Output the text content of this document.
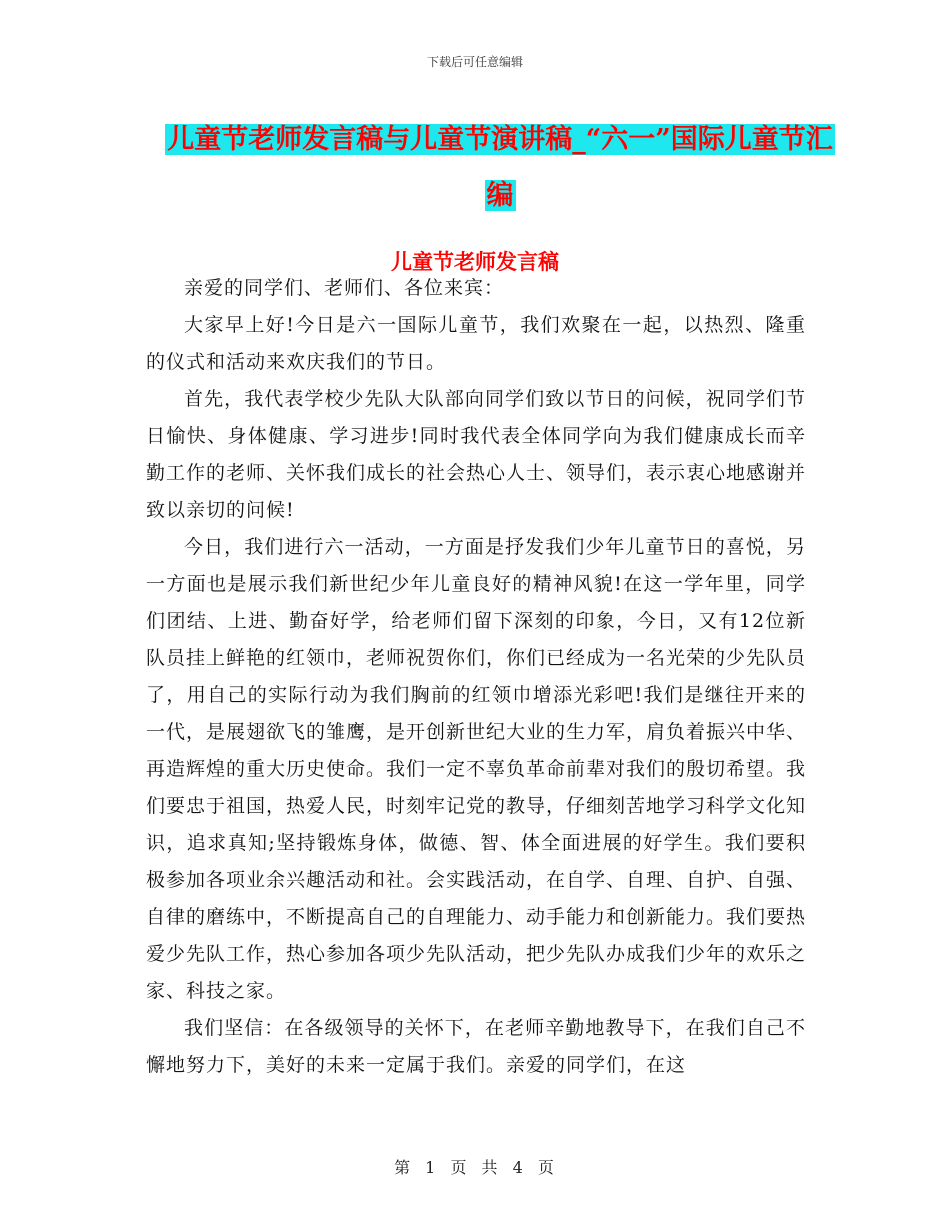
下载后可任意编辑
儿童节老师发言稿与儿童节演讲稿_“六一”国际儿童节汇编
儿童节老师发言稿

亲爱的同学们、老师们、各位来宾：

大家早上好!今日是六一国际儿童节，我们欢聚在一起，以热烈、隆重的仪式和活动来欢庆我们的节日。

首先，我代表学校少先队大队部向同学们致以节日的问候，祝同学们节日愉快、身体健康、学习进步!同时我代表全体同学向为我们健康成长而辛勤工作的老师、关怀我们成长的社会热心人士、领导们，表示衷心地感谢并致以亲切的问候!

今日，我们进行六一活动，一方面是抒发我们少年儿童节日的喜悦，另一方面也是展示我们新世纪少年儿童良好的精神风貌!在这一学年里，同学们团结、上进、勤奋好学，给老师们留下深刻的印象，今日，又有12位新队员挂上鲜艳的红领巾，老师祝贺你们，你们已经成为一名光荣的少先队员了，用自己的实际行动为我们胸前的红领巾增添光彩吧!我们是继往开来的一代，是展翅欲飞的雏鹰，是开创新世纪大业的生力军，肩负着振兴中华、再造辉煌的重大历史使命。我们一定不辜负革命前辈对我们的殷切希望。我们要忠于祖国，热爱人民，时刻牢记党的教导，仔细刻苦地学习科学文化知识，追求真知;坚持锻炼身体，做德、智、体全面进展的好学生。我们要积极参加各项业余兴趣活动和社。会实践活动，在自学、自理、自护、自强、自律的磨练中，不断提高自己的自理能力、动手能力和创新能力。我们要热爱少先队工作，热心参加各项少先队活动，把少先队办成我们少年的欢乐之家、科技之家。

我们坚信：在各级领导的关怀下，在老师辛勤地教导下，在我们自己不懈地努力下，美好的未来一定属于我们。亲爱的同学们，在这

第 1 页 共 4 页
